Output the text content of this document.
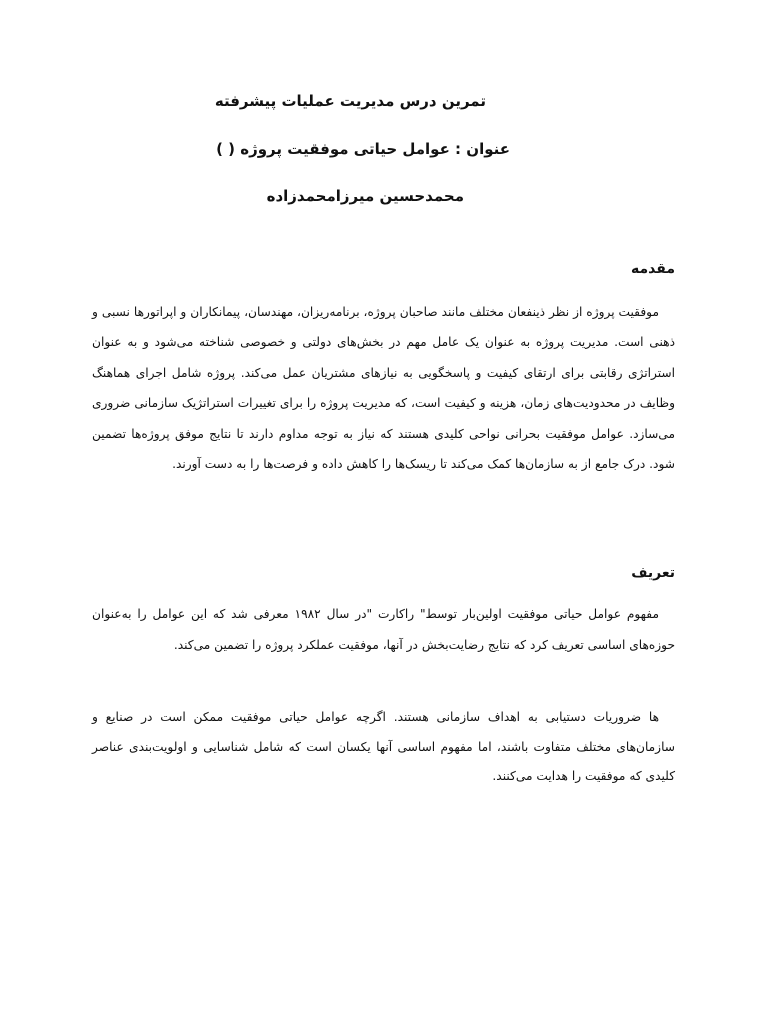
تمرین درس مدیریت عملیات پیشرفته

عنوان : عوامل حیاتی موفقیت پروژه ( )

محمدحسین میرزامحمدزاده

مقدمه

موفقیت پروژه از نظر ذینفعان مختلف مانند صاحبان پروژه، برنامه‌ریزان، مهندسان، پیمانکاران و اپراتورها نسبی و ذهنی است. مدیریت پروژه به عنوان یک عامل مهم در بخش‌های دولتی و خصوصی شناخته می‌شود و به عنوان استراتژی رقابتی برای ارتقای کیفیت و پاسخگویی به نیازهای مشتریان عمل می‌کند. پروژه شامل اجرای هماهنگ وظایف در محدودیت‌های زمان، هزینه و کیفیت است، که مدیریت پروژه را برای تغییرات استراتژیک سازمانی ضروری می‌سازد. عوامل موفقیت بحرانی نواحی کلیدی هستند که نیاز به توجه مداوم دارند تا نتایج موفق پروژه‌ها تضمین شود. درک جامع از به سازمان‌ها کمک می‌کند تا ریسک‌ها را کاهش داده و فرصت‌ها را به دست آورند.

تعریف

مفهوم عوامل حیاتی موفقیت اولین‌بار توسط" راکارت "در سال ۱۹۸۲ معرفی شد که این عوامل را به‌عنوان حوزه‌های اساسی تعریف کرد که نتایج رضایت‌بخش در آنها، موفقیت عملکرد پروژه را تضمین می‌کند.

ها ضروریات دستیابی به اهداف سازمانی هستند. اگرچه عوامل حیاتی موفقیت ممکن است در صنایع و سازمان‌های مختلف متفاوت باشند، اما مفهوم اساسی آنها یکسان است که شامل شناسایی و اولویت‌بندی عناصر کلیدی که موفقیت را هدایت می‌کنند.
